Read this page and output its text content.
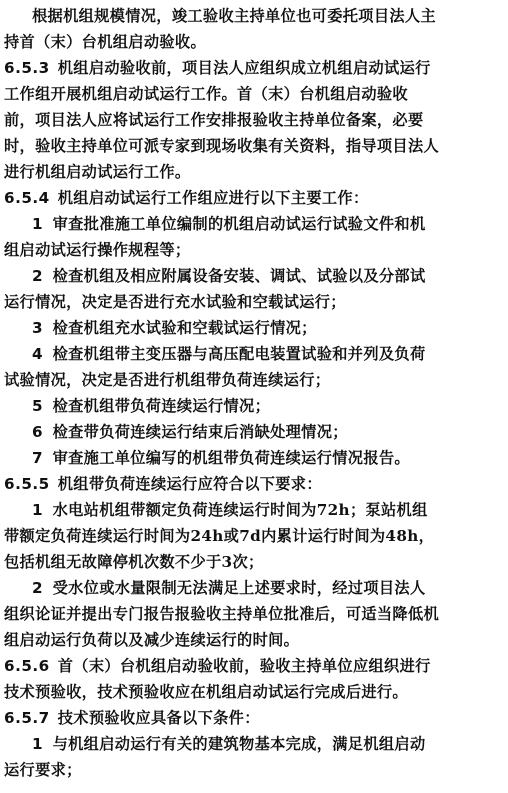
根据机组规模情况，竣工验收主持单位也可委托项目法人主
持首（末）台机组启动验收。
6.5.3 机组启动验收前，项目法人应组织成立机组启动试运行
工作组开展机组启动试运行工作。首（末）台机组启动验收
前，项目法人应将试运行工作安排报验收主持单位备案，必要
时，验收主持单位可派专家到现场收集有关资料，指导项目法人
进行机组启动试运行工作。
6.5.4 机组启动试运行工作组应进行以下主要工作：
1 审查批准施工单位编制的机组启动试运行试验文件和机
组启动试运行操作规程等；
2 检查机组及相应附属设备安装、调试、试验以及分部试
运行情况，决定是否进行充水试验和空载试运行；
3 检查机组充水试验和空载试运行情况；
4 检查机组带主变压器与高压配电装置试验和并列及负荷
试验情况，决定是否进行机组带负荷连续运行；
5 检查机组带负荷连续运行情况；
6 检查带负荷连续运行结束后消缺处理情况；
7 审查施工单位编写的机组带负荷连续运行情况报告。
6.5.5 机组带负荷连续运行应符合以下要求：
1 水电站机组带额定负荷连续运行时间为72h；泵站机组
带额定负荷连续运行时间为24h或7d内累计运行时间为48h，
包括机组无故障停机次数不少于3次；
2 受水位或水量限制无法满足上述要求时，经过项目法人
组织论证并提出专门报告报验收主持单位批准后，可适当降低机
组启动运行负荷以及减少连续运行的时间。
6.5.6 首（末）台机组启动验收前，验收主持单位应组织进行
技术预验收，技术预验收应在机组启动试运行完成后进行。
6.5.7 技术预验收应具备以下条件：
1 与机组启动运行有关的建筑物基本完成，满足机组启动
运行要求；
